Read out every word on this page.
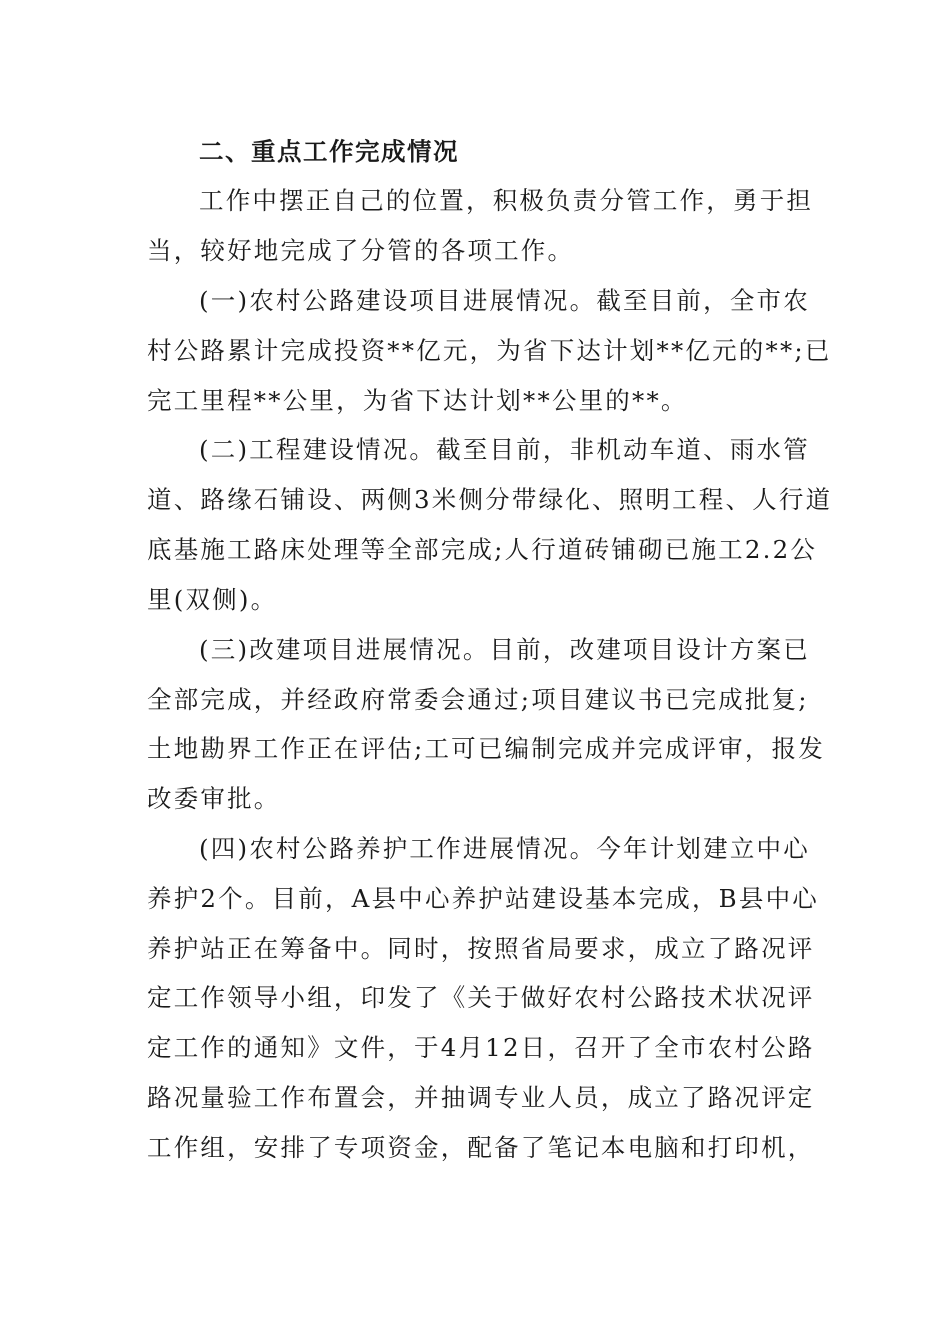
二、重点工作完成情况
工作中摆正自己的位置，积极负责分管工作，勇于担
当，较好地完成了分管的各项工作。
(一)农村公路建设项目进展情况。截至目前，全市农
村公路累计完成投资**亿元，为省下达计划**亿元的**;已
完工里程**公里，为省下达计划**公里的**。
(二)工程建设情况。截至目前，非机动车道、雨水管
道、路缘石铺设、两侧3米侧分带绿化、照明工程、人行道
底基施工路床处理等全部完成;人行道砖铺砌已施工2.2公
里(双侧)。
(三)改建项目进展情况。目前，改建项目设计方案已
全部完成，并经政府常委会通过;项目建议书已完成批复;
土地勘界工作正在评估;工可已编制完成并完成评审，报发
改委审批。
(四)农村公路养护工作进展情况。今年计划建立中心
养护2个。目前，A县中心养护站建设基本完成，B县中心
养护站正在筹备中。同时，按照省局要求，成立了路况评
定工作领导小组，印发了《关于做好农村公路技术状况评
定工作的通知》文件，于4月12日，召开了全市农村公路
路况量验工作布置会，并抽调专业人员，成立了路况评定
工作组，安排了专项资金，配备了笔记本电脑和打印机，
